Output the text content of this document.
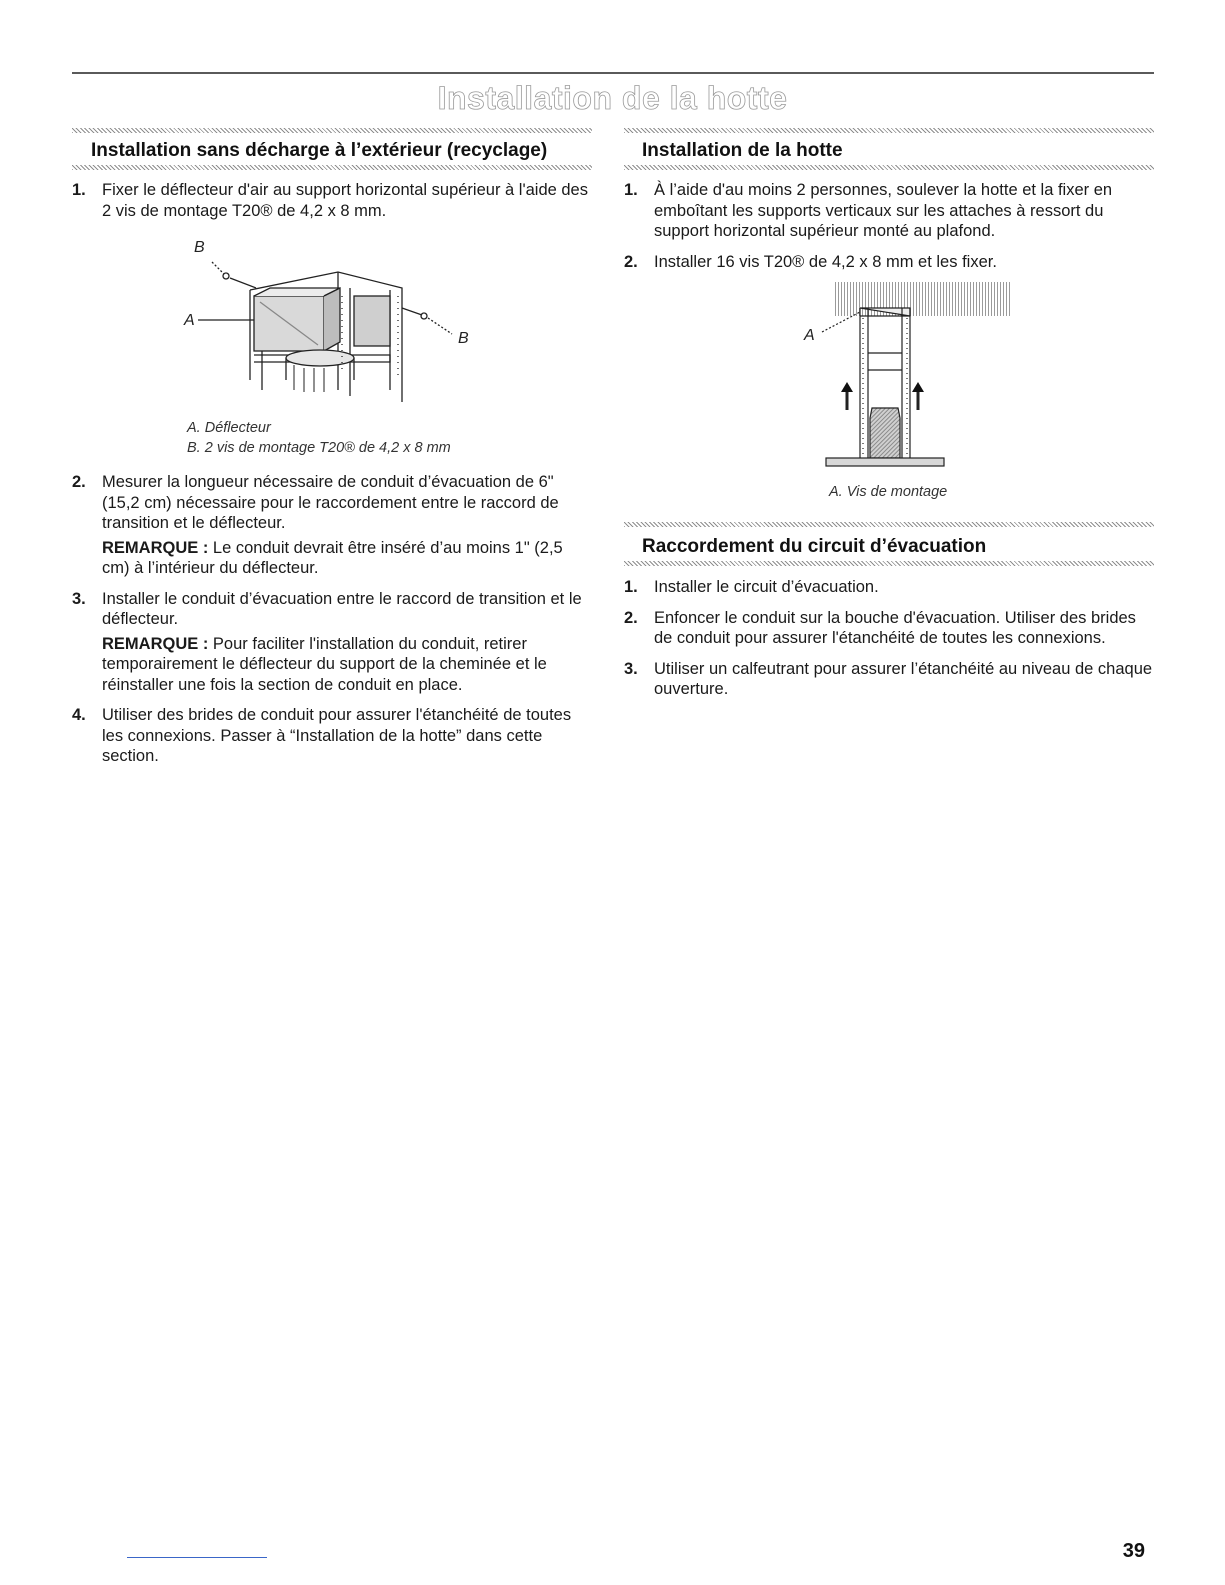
Installation de la hotte
Installation sans décharge à l’extérieur (recyclage)
1. Fixer le déflecteur d'air au support horizontal supérieur à l'aide des 2 vis de montage T20® de 4,2 x 8 mm.
B
A
B
A. Déflecteur
B. 2 vis de montage T20® de 4,2 x 8 mm
2. Mesurer la longueur nécessaire de conduit d’évacuation de 6" (15,2 cm) nécessaire pour le raccordement entre le raccord de transition et le déflecteur.
REMARQUE : Le conduit devrait être inséré d’au moins 1" (2,5 cm) à l’intérieur du déflecteur.
3. Installer le conduit d’évacuation entre le raccord de transition et le déflecteur.
REMARQUE : Pour faciliter l'installation du conduit, retirer temporairement le déflecteur du support de la cheminée et le réinstaller une fois la section de conduit en place.
4. Utiliser des brides de conduit pour assurer l'étanchéité de toutes les connexions. Passer à “Installation de la hotte” dans cette section.
Installation de la hotte
1. À l’aide d'au moins 2 personnes, soulever la hotte et la fixer en emboîtant les supports verticaux sur les attaches à ressort du support horizontal supérieur monté au plafond.
2. Installer 16 vis T20® de 4,2 x 8 mm et les fixer.
A
A. Vis de montage
Raccordement du circuit d’évacuation
1. Installer le circuit d’évacuation.
2. Enfoncer le conduit sur la bouche d'évacuation. Utiliser des brides de conduit pour assurer l'étanchéité de toutes les connexions.
3. Utiliser un calfeutrant pour assurer l’étanchéité au niveau de chaque ouverture.
39
